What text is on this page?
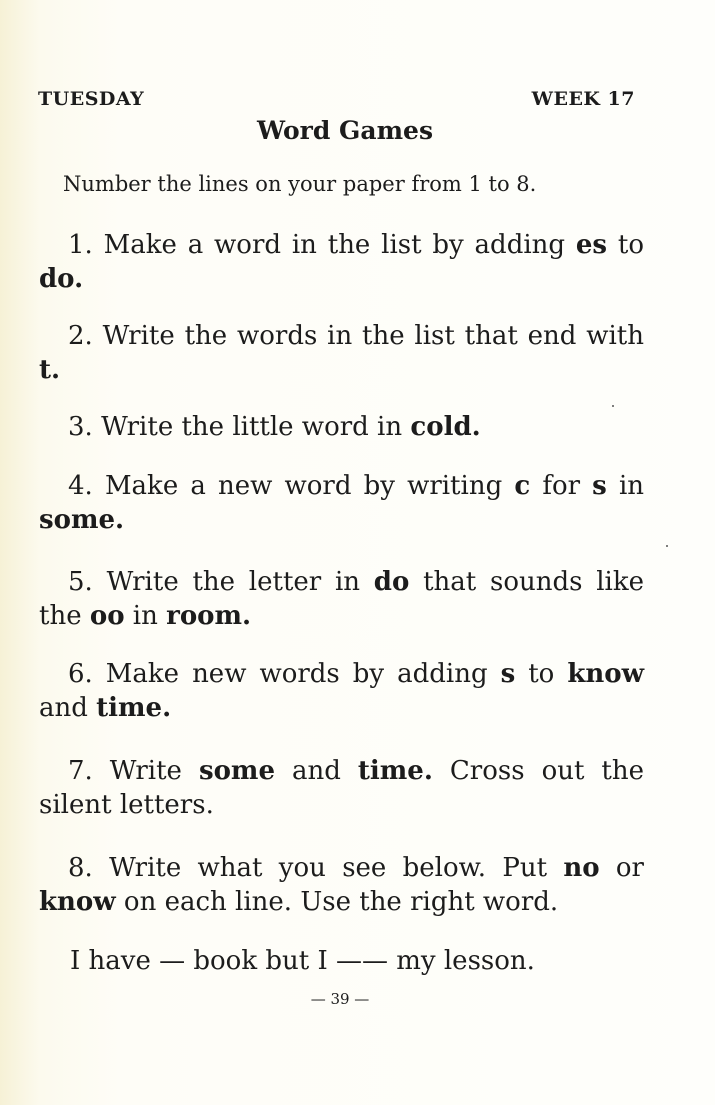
TUESDAY	WEEK 17
Word Games
Number the lines on your paper from 1 to 8.
1. Make a word in the list by adding es to do.
2. Write the words in the list that end with t.
3. Write the little word in cold.
4. Make a new word by writing c for s in some.
5. Write the letter in do that sounds like the oo in room.
6. Make new words by adding s to know and time.
7. Write some and time. Cross out the silent letters.
8. Write what you see below. Put no or know on each line. Use the right word.
I have — book but I —— my lesson.
— 39 —
